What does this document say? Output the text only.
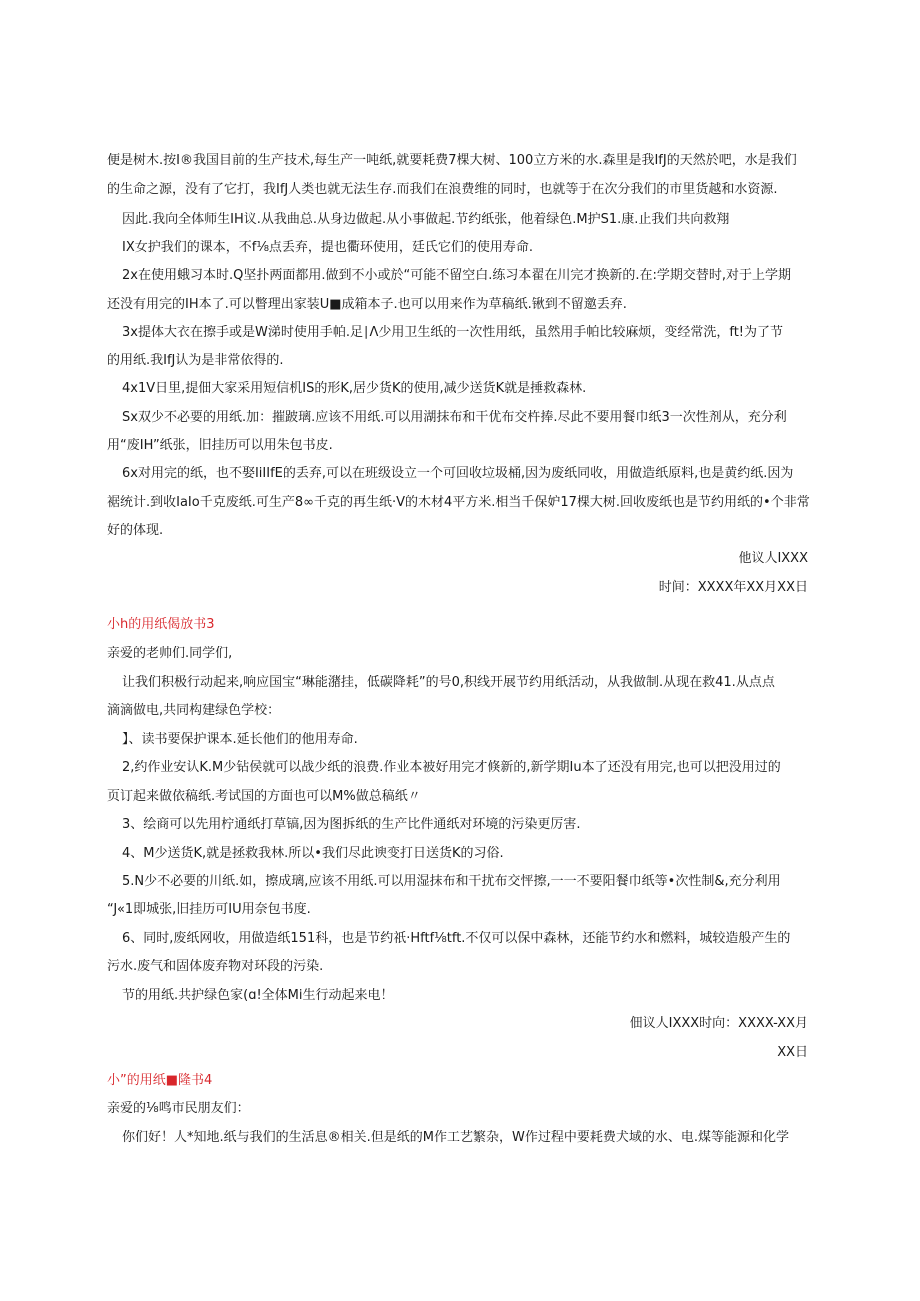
便是树木.按I®我国目前的生产技术,每生产一吨纸,就要耗费7棵大树、100立方米的水.森里是我IfJ的天然於吧，水是我们
的生命之源，没有了它打，我IfJ人类也就无法生存.而我们在浪费维的同时，也就等于在次分我们的市里货越和水资源.
因此.我向全体师生IH议.从我曲总.从身边做起.从小事做起.节约纸张，他着绿色.M护S1.康.止我们共向救翔
IX女护我们的课本，不f⅛点丢弃，提也衢环使用，廷氏它们的使用寿命.
2x在使用蛾习本时.Q坚扑两面都用.做到不小或於“可能不留空白.练习本翟在川完才换新的.在:学期交替时,对于上学期
还没有用完的IH本了.可以瞥理出家装U■成箱本子.也可以用来作为草稿纸.锹到不留邀丢弃.
3x提体大衣在擦手或是W涕时使用手帕.足∣Λ少用卫生纸的一次性用纸，虽然用手帕比较麻烦，变经常洗，ft!为了节
的用纸.我IfJ认为是非常依得的.
4x1V日里,提佃大家采用短信机IS的形K,居少货K的使用,减少送货K就是捶救森林.
Sx双少不必要的用纸.加：摧跛璃.应该不用纸.可以用湖抹布和干优布交杵捧.尽此不要用餐巾纸3一次性剂从，充分利
用“废IH”纸张，旧挂历可以用朱包书皮.
6x对用完的纸，也不娶IiIIfE的丢弃,可以在班级设立一个可回收垃圾桶,因为废纸同收，用做造纸原料,也是黄约纸.因为
裾统计.到收IaIo千克废纸.可生产8∞千克的再生纸·V的木材4平方米.相当千保妒17棵大树.回收废纸也是节约用纸的•个非常
好的体现.
他议人IXXX
时间：XXXX年XX月XX日
小h的用纸偈放书3
亲爱的老帅们.同学们,
让我们积极行动起来,响应国宝“琳能潴挂，低碳降耗”的号0,积线开展节约用纸活动，从我做制.从现在救41.从点点
滴滴做电,共同构建绿色学校：
】、读书要保护课本.延长他们的他用寿命.
2,约作业安认K.M少钻侯就可以战少纸的浪费.作业本被好用完才倏新的,新学期Iu本了还没有用完,也可以把没用过的
页订起来做依稿纸.考试国的方面也可以M%做总稿纸〃
3、绘商可以先用柠通纸打草镐,因为图拆纸的生产比件通纸对环境的污染更厉害.
4、M少送货K,就是拯救我林.所以•我们尽此谀变打日送货K的习俗.
5.N少不必要的川纸.如，擦成璃,应该不用纸.可以用湿抹布和干扰布交怦擦,一一不要阳餐巾纸等•次性制&,充分利用
“J«1即城张,旧挂历可IU用奈包书度.
6、同时,废纸网收，用做造纸151科，也是节约祇·Hftf⅛tft.不仅可以保中森林，还能节约水和燃料，城较造般产生的
污水.废气和固体废弃物对环段的污染.
节的用纸.共护绿色家(ɑ!全体Mi生行动起来电！
佃议人IXXX时向：XXXX-XX月
XX日
小”的用纸■隆书4
亲爱的⅛鸣市民朋友们：
你们好！人*知地.纸与我们的生活息®相关.但是纸的M作工艺繁杂，W作过程中要耗费犬域的水、电.煤等能源和化学
